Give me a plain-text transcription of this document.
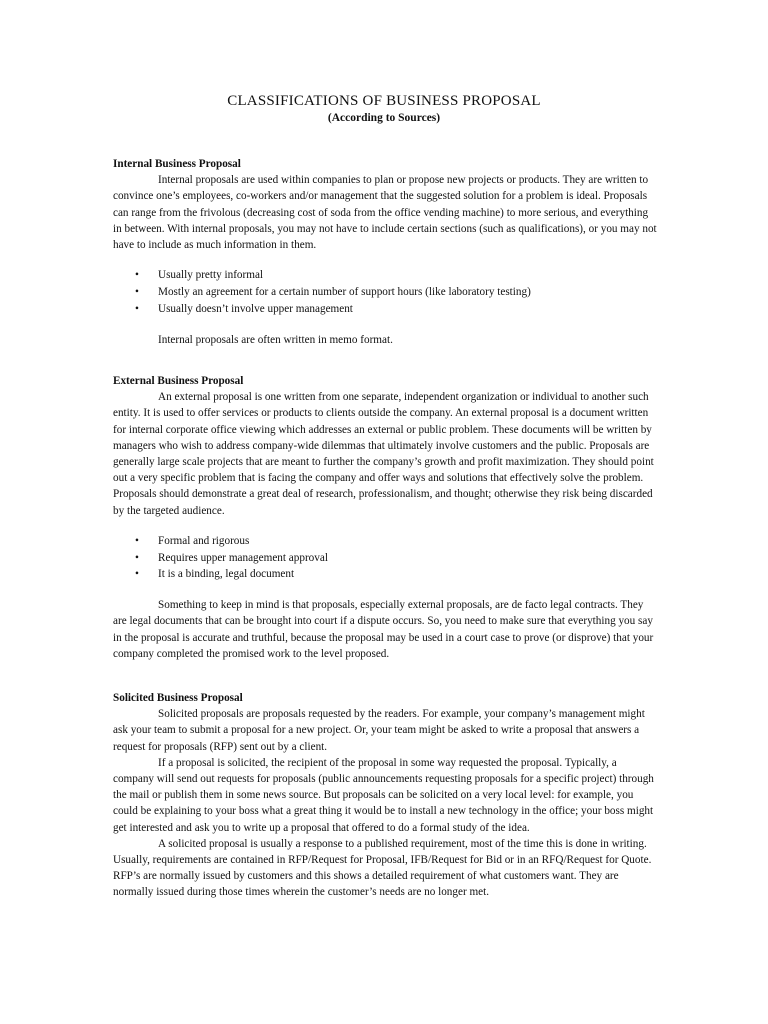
CLASSIFICATIONS OF BUSINESS PROPOSAL
(According to Sources)
Internal Business Proposal

Internal proposals are used within companies to plan or propose new projects or products. They are written to convince one’s employees, co-workers and/or management that the suggested solution for a problem is ideal. Proposals can range from the frivolous (decreasing cost of soda from the office vending machine) to more serious, and everything in between. With internal proposals, you may not have to include certain sections (such as qualifications), or you may not have to include as much information in them.

• Usually pretty informal
• Mostly an agreement for a certain number of support hours (like laboratory testing)
• Usually doesn’t involve upper management

Internal proposals are often written in memo format.

External Business Proposal

An external proposal is one written from one separate, independent organization or individual to another such entity. It is used to offer services or products to clients outside the company. An external proposal is a document written for internal corporate office viewing which addresses an external or public problem. These documents will be written by managers who wish to address company-wide dilemmas that ultimately involve customers and the public. Proposals are generally large scale projects that are meant to further the company’s growth and profit maximization. They should point out a very specific problem that is facing the company and offer ways and solutions that effectively solve the problem. Proposals should demonstrate a great deal of research, professionalism, and thought; otherwise they risk being discarded by the targeted audience.

• Formal and rigorous
• Requires upper management approval
• It is a binding, legal document

Something to keep in mind is that proposals, especially external proposals, are de facto legal contracts. They are legal documents that can be brought into court if a dispute occurs. So, you need to make sure that everything you say in the proposal is accurate and truthful, because the proposal may be used in a court case to prove (or disprove) that your company completed the promised work to the level proposed.

Solicited Business Proposal

Solicited proposals are proposals requested by the readers. For example, your company’s management might ask your team to submit a proposal for a new project. Or, your team might be asked to write a proposal that answers a request for proposals (RFP) sent out by a client.

If a proposal is solicited, the recipient of the proposal in some way requested the proposal. Typically, a company will send out requests for proposals (public announcements requesting proposals for a specific project) through the mail or publish them in some news source. But proposals can be solicited on a very local level: for example, you could be explaining to your boss what a great thing it would be to install a new technology in the office; your boss might get interested and ask you to write up a proposal that offered to do a formal study of the idea.

A solicited proposal is usually a response to a published requirement, most of the time this is done in writing. Usually, requirements are contained in RFP/Request for Proposal, IFB/Request for Bid or in an RFQ/Request for Quote. RFP’s are normally issued by customers and this shows a detailed requirement of what customers want. They are normally issued during those times wherein the customer’s needs are no longer met.
